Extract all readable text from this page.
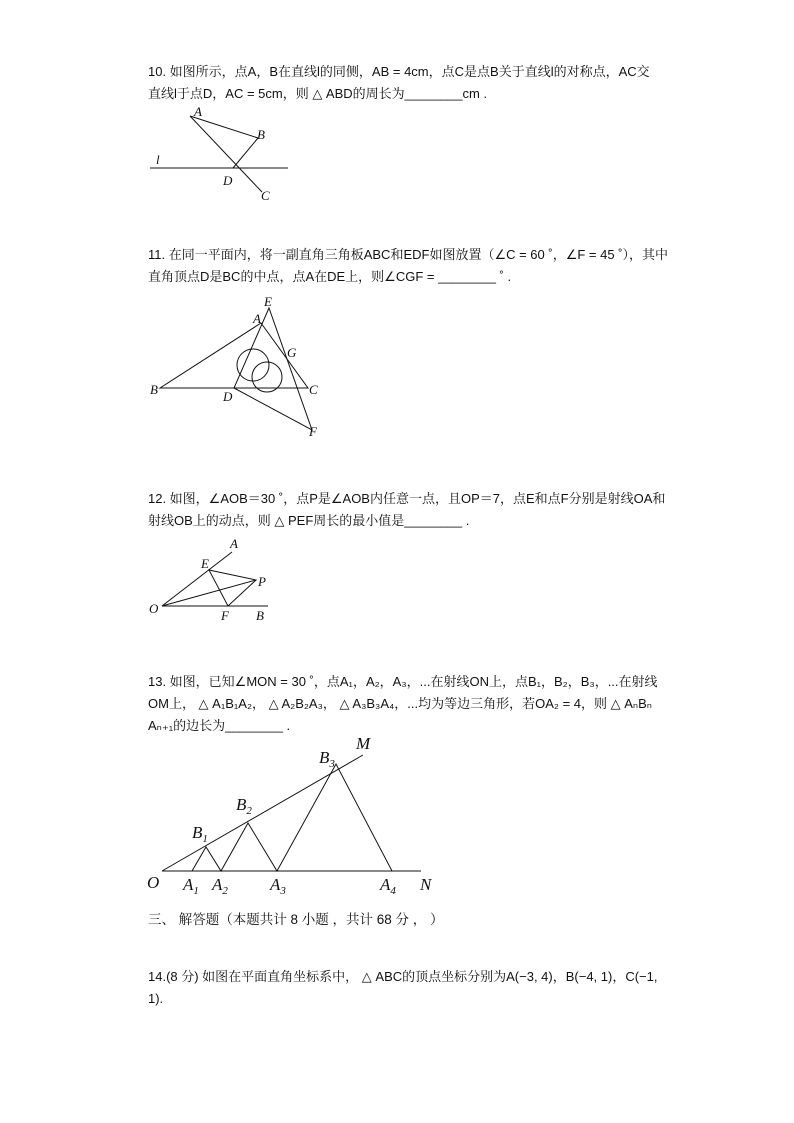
10. 如图所示，点A，B在直线l的同侧，AB = 4cm，点C是点B关于直线l的对称点，AC交
直线l于点D，AC = 5cm，则 △ ABD的周长为________cm .
A
B
l
D
C
11. 在同一平面内，将一副直角三角板ABC和EDF如图放置（∠C = 60 ˚，∠F = 45 ˚），其中
直角顶点D是BC的中点，点A在DE上，则∠CGF = ________ ˚ .
E
A
G
B	D	C
F
12. 如图，∠AOB＝30 ˚，点P是∠AOB内任意一点，且OP＝7，点E和点F分别是射线OA和
射线OB上的动点，则 △ PEF周长的最小值是________ .
A
E
P
O	F B
13. 如图，已知∠MON = 30 ˚，点A₁，A₂，A₃，...在射线ON上，点B₁，B₂，B₃，...在射线
OM上， △ A₁B₁A₂， △ A₂B₂A₃， △ A₃B₃A₄，...均为等边三角形，若OA₂ = 4，则 △ AₙBₙ
Aₙ₊₁的边长为________ .
M
N
O
$B_1$
$B_2$
$B_3$
$A_1$ $A_2$ $A_3$	$A_4$
三、 解答题（本题共计 8 小题 ，共计 68 分 ， ）
14.(8 分) 如图在平面直角坐标系中， △ ABC的顶点坐标分别为A(−3, 4)，B(−4, 1)，C(−1,
1).
